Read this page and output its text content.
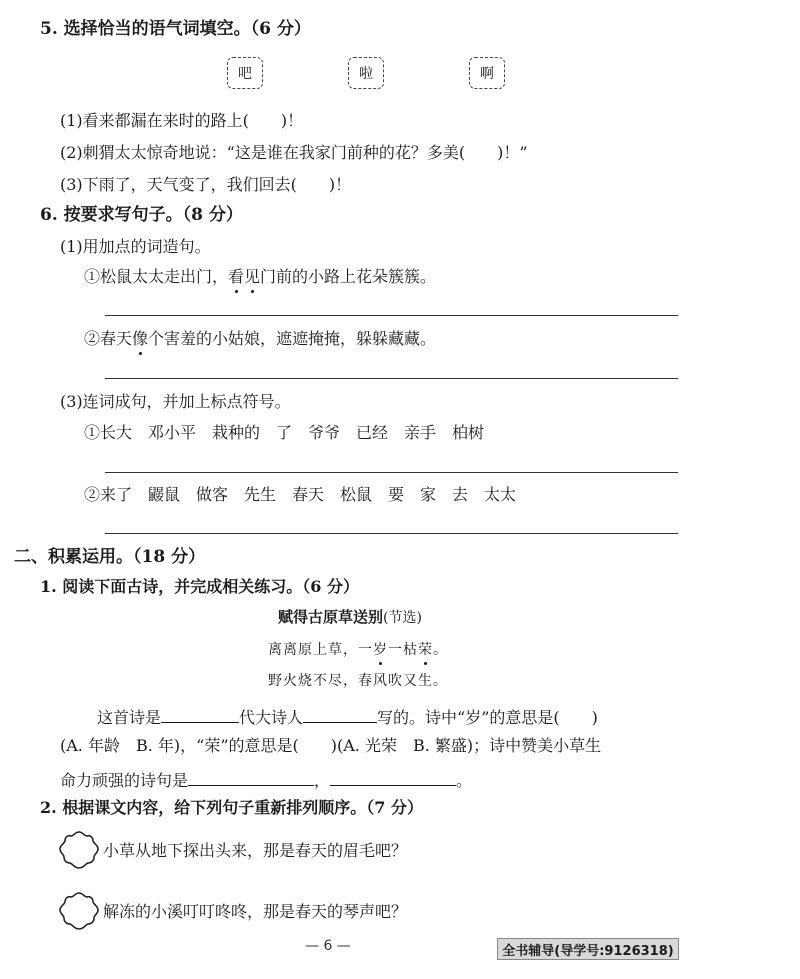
5. 选择恰当的语气词填空。（6 分）
吧	啦	啊
(1)看来都漏在来时的路上(　　)！
(2)刺猬太太惊奇地说：“这是谁在我家门前种的花？多美(　　)！”
(3)下雨了，天气变了，我们回去(　　)！
6. 按要求写句子。（8 分）
(1)用加点的词造句。
①松鼠太太走出门，看见门前的小路上花朵簇簇。
②春天像个害羞的小姑娘，遮遮掩掩，躲躲藏藏。
(3)连词成句，并加上标点符号。
①长大　邓小平　栽种的　了　爷爷　已经　亲手　柏树
②来了　鼹鼠　做客　先生　春天　松鼠　要　家　去　太太
二、积累运用。（18 分）
1. 阅读下面古诗，并完成相关练习。（6 分）
赋得古原草送别(节选)
离离原上草，一岁一枯荣。
野火烧不尽，春风吹又生。
这首诗是	代大诗人	写的。诗中“岁”的意思是(　　)
(A. 年龄　B. 年)，“荣”的意思是(　　)(A. 光荣　B. 繁盛)；诗中赞美小草生
命力顽强的诗句是	，	。
2. 根据课文内容，给下列句子重新排列顺序。（7 分）
小草从地下探出头来，那是春天的眉毛吧？
解冻的小溪叮叮咚咚，那是春天的琴声吧？
— 6 —	全书辅导(导学号:9126318)
